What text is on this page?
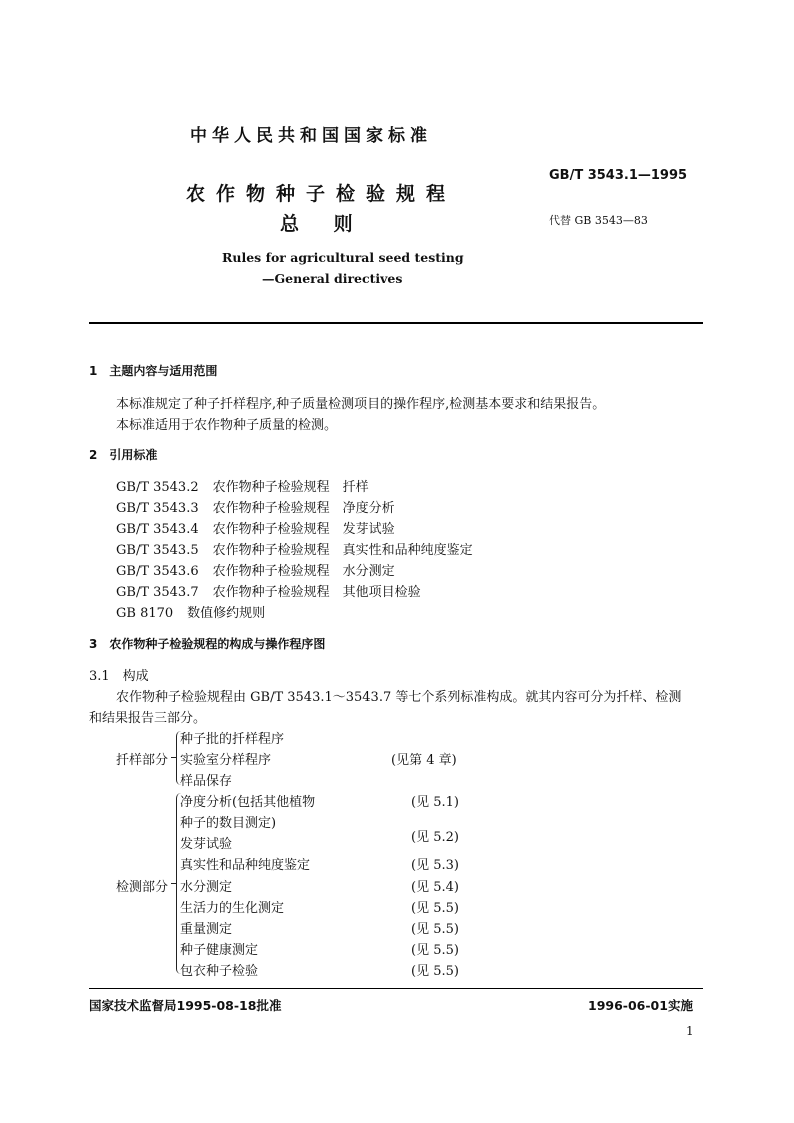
中华人民共和国国家标准
农作物种子检验规程
总 则
Rules for agricultural seed testing
—General directives
GB/T 3543.1—1995
代替 GB 3543—83
1　主题内容与适用范围
本标准规定了种子扦样程序,种子质量检测项目的操作程序,检测基本要求和结果报告。
本标准适用于农作物种子质量的检测。
2　引用标准
GB/T 3543.2 农作物种子检验规程　扦样
GB/T 3543.3 农作物种子检验规程　净度分析
GB/T 3543.4 农作物种子检验规程　发芽试验
GB/T 3543.5 农作物种子检验规程　真实性和品种纯度鉴定
GB/T 3543.6 农作物种子检验规程　水分测定
GB/T 3543.7 农作物种子检验规程　其他项目检验
GB 8170 数值修约规则
3　农作物种子检验规程的构成与操作程序图
3.1　构成
农作物种子检验规程由 GB/T 3543.1～3543.7 等七个系列标准构成。就其内容可分为扦样、检测
和结果报告三部分。
扦样部分
种子批的扦样程序
实验室分样程序
样品保存
(见第 4 章)
检测部分
净度分析(包括其他植物
种子的数目测定)
发芽试验
真实性和品种纯度鉴定
水分测定
生活力的生化测定
重量测定
种子健康测定
包衣种子检验
(见 5.1)
(见 5.2)
(见 5.3)
(见 5.4)
(见 5.5)
(见 5.5)
(见 5.5)
(见 5.5)
国家技术监督局1995-08-18批准	1996-06-01实施
1
